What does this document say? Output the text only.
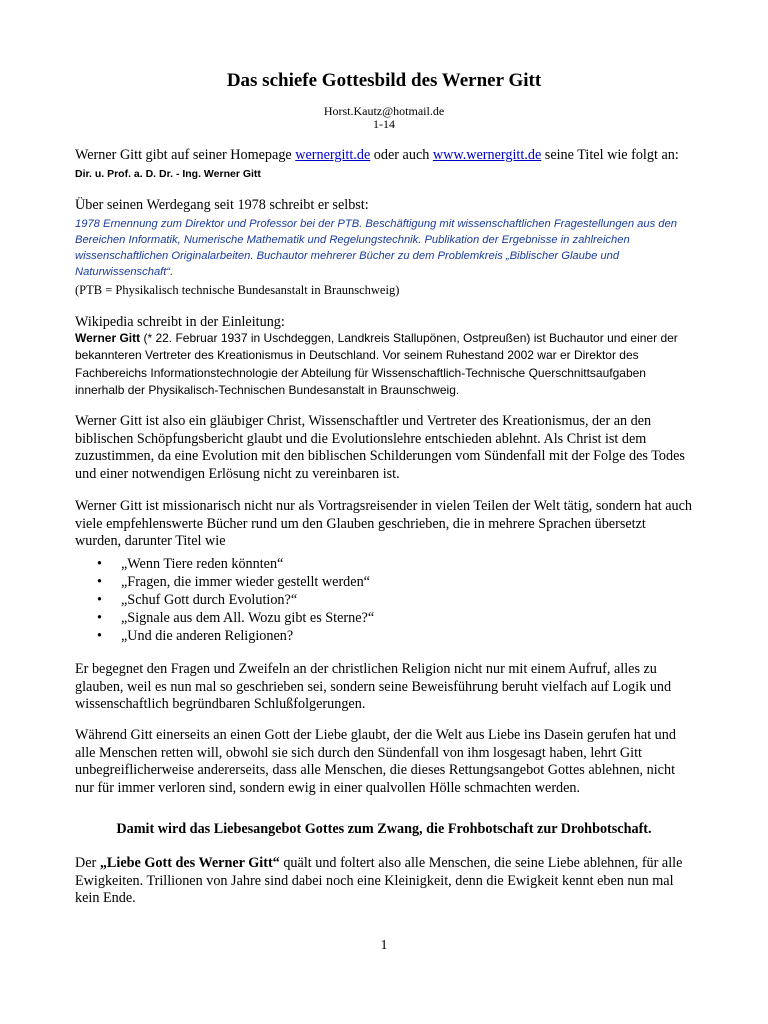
Das schiefe Gottesbild des Werner Gitt
Horst.Kautz@hotmail.de
1-14
Werner Gitt gibt auf seiner Homepage wernergitt.de oder auch www.wernergitt.de seine Titel wie folgt an: Dir. u. Prof. a. D. Dr. - Ing. Werner Gitt
Über seinen Werdegang seit 1978 schreibt er selbst:
1978 Ernennung zum Direktor und Professor bei der PTB. Beschäftigung mit wissenschaftlichen Fragestellungen aus den Bereichen Informatik, Numerische Mathematik und Regelungstechnik. Publikation der Ergebnisse in zahlreichen wissenschaftlichen Originalarbeiten. Buchautor mehrerer Bücher zu dem Problemkreis „Biblischer Glaube und Naturwissenschaft“.
(PTB = Physikalisch technische Bundesanstalt in Braunschweig)
Wikipedia schreibt in der Einleitung:
Werner Gitt (* 22. Februar 1937 in Uschdeggen, Landkreis Stallupönen, Ostpreußen) ist Buchautor und einer der bekannteren Vertreter des Kreationismus in Deutschland. Vor seinem Ruhestand 2002 war er Direktor des Fachbereichs Informationstechnologie der Abteilung für Wissenschaftlich-Technische Querschnittsaufgaben innerhalb der Physikalisch-Technischen Bundesanstalt in Braunschweig.
Werner Gitt ist also ein gläubiger Christ, Wissenschaftler und Vertreter des Kreationismus, der an den biblischen Schöpfungsbericht glaubt und die Evolutionslehre entschieden ablehnt. Als Christ ist dem zuzustimmen, da eine Evolution mit den biblischen Schilderungen vom Sündenfall mit der Folge des Todes und einer notwendigen Erlösung nicht zu vereinbaren ist.
Werner Gitt ist missionarisch nicht nur als Vortragsreisender in vielen Teilen der Welt tätig, sondern hat auch viele empfehlenswerte Bücher rund um den Glauben geschrieben, die in mehrere Sprachen übersetzt wurden, darunter Titel wie
• „Wenn Tiere reden könnten“
• „Fragen, die immer wieder gestellt werden“
• „Schuf Gott durch Evolution?“
• „Signale aus dem All. Wozu gibt es Sterne?“
• „Und die anderen Religionen?
Er begegnet den Fragen und Zweifeln an der christlichen Religion nicht nur mit einem Aufruf, alles zu glauben, weil es nun mal so geschrieben sei, sondern seine Beweisführung beruht vielfach auf Logik und wissenschaftlich begründbaren Schlußfolgerungen.
Während Gitt einerseits an einen Gott der Liebe glaubt, der die Welt aus Liebe ins Dasein gerufen hat und alle Menschen retten will, obwohl sie sich durch den Sündenfall von ihm losgesagt haben, lehrt Gitt unbegreiflicherweise andererseits, dass alle Menschen, die dieses Rettungsangebot Gottes ablehnen, nicht nur für immer verloren sind, sondern ewig in einer qualvollen Hölle schmachten werden.
Damit wird das Liebesangebot Gottes zum Zwang, die Frohbotschaft zur Drohbotschaft.
Der „Liebe Gott des Werner Gitt“ quält und foltert also alle Menschen, die seine Liebe ablehnen, für alle Ewigkeiten. Trillionen von Jahre sind dabei noch eine Kleinigkeit, denn die Ewigkeit kennt eben nun mal kein Ende.
1
